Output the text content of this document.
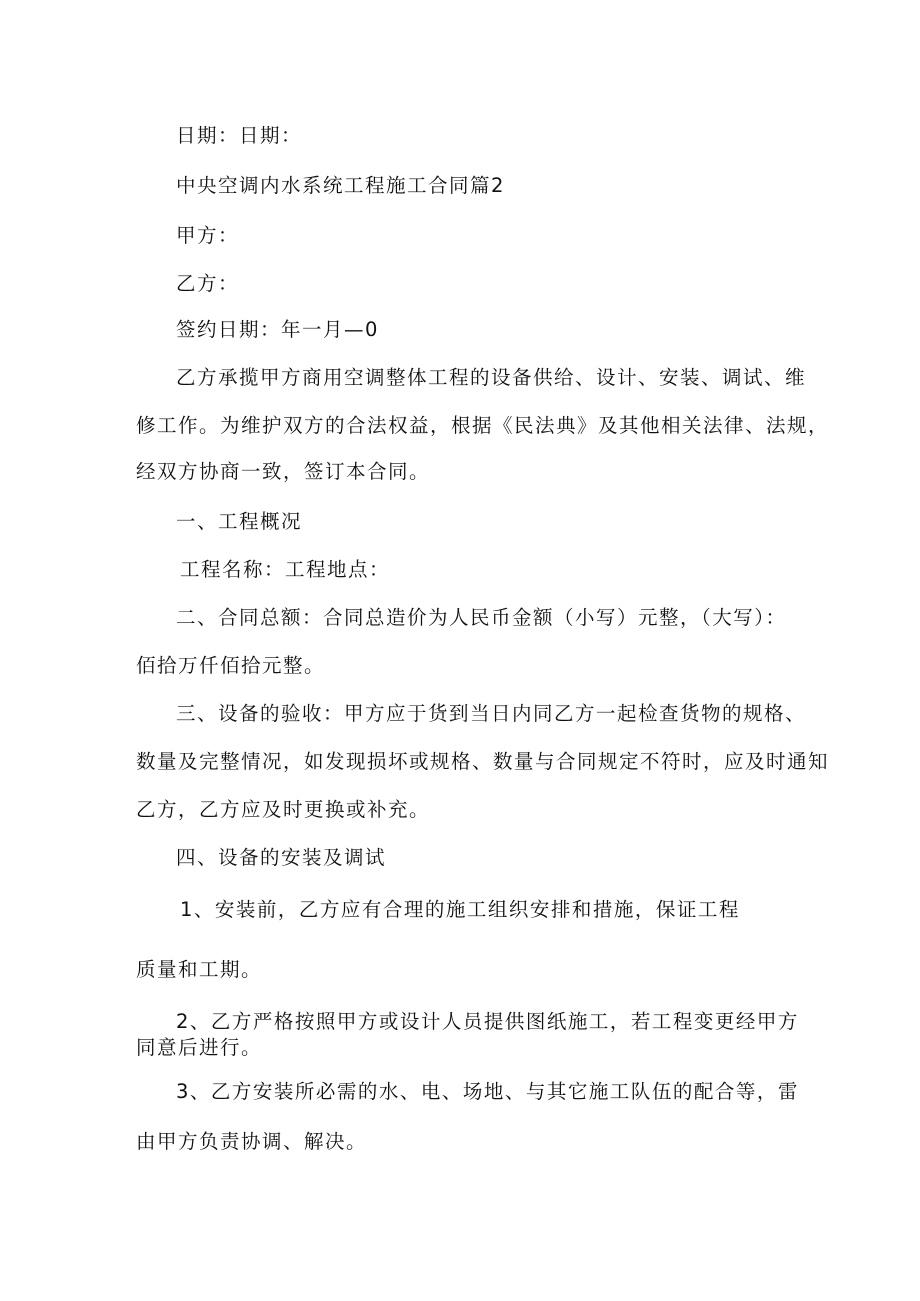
日期：日期：
中央空调内水系统工程施工合同篇2
甲方：
乙方：
签约日期：年一月—0
乙方承揽甲方商用空调整体工程的设备供给、设计、安装、调试、维
修工作。为维护双方的合法权益，根据《民法典》及其他相关法律、法规，
经双方协商一致，签订本合同。
一、工程概况
工程名称：工程地点：
二、合同总额：合同总造价为人民币金额（小写）元整，（大写）：
佰拾万仟佰拾元整。
三、设备的验收：甲方应于货到当日内同乙方一起检查货物的规格、
数量及完整情况，如发现损坏或规格、数量与合同规定不符时，应及时通知
乙方，乙方应及时更换或补充。
四、设备的安装及调试
1、安装前，乙方应有合理的施工组织安排和措施，保证工程
质量和工期。
2、乙方严格按照甲方或设计人员提供图纸施工，若工程变更经甲方
同意后进行。
3、乙方安装所必需的水、电、场地、与其它施工队伍的配合等，雷
由甲方负责协调、解决。
